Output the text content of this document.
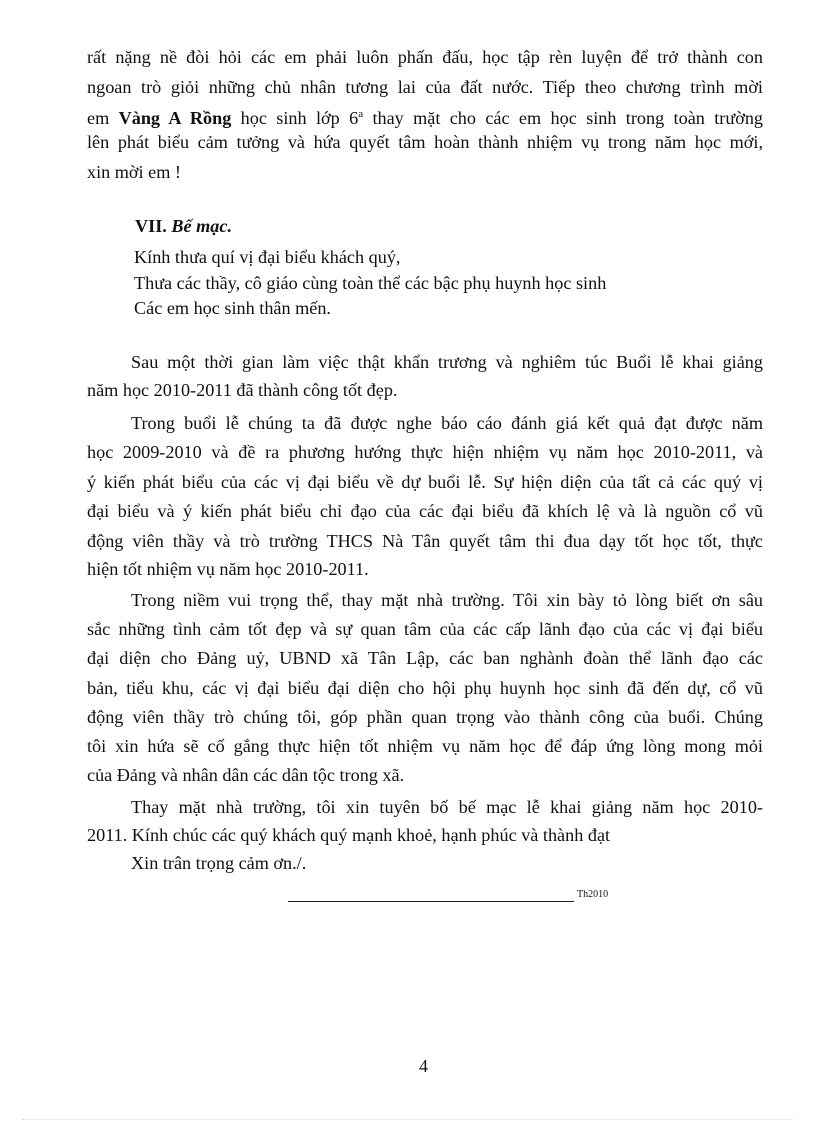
rất nặng nề đòi hỏi các em phải luôn phấn đấu, học tập rèn luyện để trở thành con
ngoan trò giỏi những chủ nhân tương lai của đất nước. Tiếp theo chương trình mời
em Vàng A Rồng học sinh lớp 6$^a$ thay mặt cho các em học sinh trong toàn trường
lên phát biểu cảm tưởng và hứa quyết tâm hoàn thành nhiệm vụ trong năm học mới,
xin mời em !
VII. Bế mạc.
Kính thưa quí vị đại biểu khách quý,
Thưa các thầy, cô giáo cùng toàn thể các bậc phụ huynh học sinh
Các em học sinh thân mến.
Sau một thời gian làm việc thật khẩn trương và nghiêm túc Buổi lễ khai giảng
năm học 2010-2011 đã thành công tốt đẹp.
Trong buổi lễ chúng ta đã được nghe báo cáo đánh giá kết quả đạt được năm
học 2009-2010 và đề ra phương hướng thực hiện nhiệm vụ năm học 2010-2011, và
ý kiến phát biểu của các vị đại biểu về dự buổi lễ. Sự hiện diện của tất cả các quý vị
đại biểu và ý kiến phát biểu chỉ đạo của các đại biểu đã khích lệ và là nguồn cổ vũ
động viên thầy và trò trường THCS Nà Tân quyết tâm thi đua dạy tốt học tốt, thực
hiện tốt nhiệm vụ năm học 2010-2011.
Trong niềm vui trọng thể, thay mặt nhà trường. Tôi xin bày tỏ lòng biết ơn sâu
sắc những tình cảm tốt đẹp và sự quan tâm của các cấp lãnh đạo của các vị đại biểu
đại diện cho Đảng uỷ, UBND xã Tân Lập, các ban nghành đoàn thể lãnh đạo các
bản, tiểu khu, các vị đại biểu đại diện cho hội phụ huynh học sinh đã đến dự, cổ vũ
động viên thầy trò chúng tôi, góp phần quan trọng vào thành công của buổi. Chúng
tôi xin hứa sẽ cố gắng thực hiện tốt nhiệm vụ năm học để đáp ứng lòng mong mỏi
của Đảng và nhân dân các dân tộc trong xã.
Thay mặt nhà trường, tôi xin tuyên bố bế mạc lễ khai giảng năm học 2010-
2011. Kính chúc các quý khách quý mạnh khoẻ, hạnh phúc và thành đạt
Xin trân trọng cảm ơn./.
Th2010
4
